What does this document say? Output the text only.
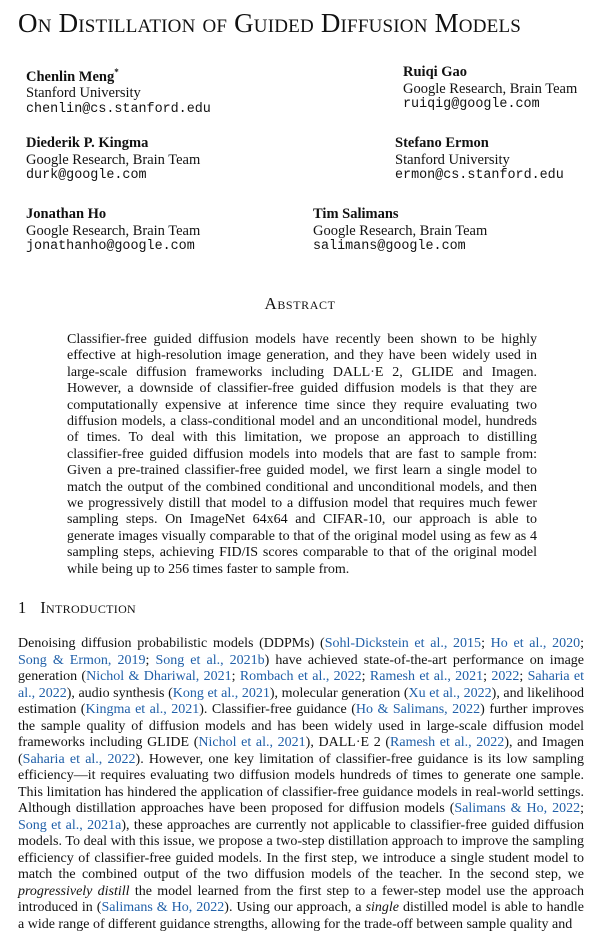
On Distillation of Guided Diffusion Models
Chenlin Meng*
Stanford University
chenlin@cs.stanford.edu
Ruiqi Gao
Google Research, Brain Team
ruiqig@google.com
Diederik P. Kingma
Google Research, Brain Team
durk@google.com
Stefano Ermon
Stanford University
ermon@cs.stanford.edu
Jonathan Ho
Google Research, Brain Team
jonathanho@google.com
Tim Salimans
Google Research, Brain Team
salimans@google.com
Abstract

Classifier-free guided diffusion models have recently been shown to be highly effective at high-resolution image generation, and they have been widely used in large-scale diffusion frameworks including DALL·E 2, GLIDE and Imagen. However, a downside of classifier-free guided diffusion models is that they are computationally expensive at inference time since they require evaluating two diffusion models, a class-conditional model and an unconditional model, hundreds of times. To deal with this limitation, we propose an approach to distilling classifier-free guided diffusion models into models that are fast to sample from: Given a pre-trained classifier-free guided model, we first learn a single model to match the output of the combined conditional and unconditional models, and then we progressively distill that model to a diffusion model that requires much fewer sampling steps. On ImageNet 64x64 and CIFAR-10, our approach is able to generate images visually comparable to that of the original model using as few as 4 sampling steps, achieving FID/IS scores comparable to that of the original model while being up to 256 times faster to sample from.

1 Introduction

Denoising diffusion probabilistic models (DDPMs) (Sohl-Dickstein et al., 2015; Ho et al., 2020; Song & Ermon, 2019; Song et al., 2021b) have achieved state-of-the-art performance on image generation (Nichol & Dhariwal, 2021; Rombach et al., 2022; Ramesh et al., 2021; 2022; Saharia et al., 2022), audio synthesis (Kong et al., 2021), molecular generation (Xu et al., 2022), and likelihood estimation (Kingma et al., 2021). Classifier-free guidance (Ho & Salimans, 2022) further improves the sample quality of diffusion models and has been widely used in large-scale diffusion model frameworks including GLIDE (Nichol et al., 2021), DALL·E 2 (Ramesh et al., 2022), and Imagen (Saharia et al., 2022). However, one key limitation of classifier-free guidance is its low sampling efficiency—it requires evaluating two diffusion models hundreds of times to generate one sample. This limitation has hindered the application of classifier-free guidance models in real-world settings. Although distillation approaches have been proposed for diffusion models (Salimans & Ho, 2022; Song et al., 2021a), these approaches are currently not applicable to classifier-free guided diffusion models. To deal with this issue, we propose a two-step distillation approach to improve the sampling efficiency of classifier-free guided models. In the first step, we introduce a single student model to match the combined output of the two diffusion models of the teacher. In the second step, we progressively distill the model learned from the first step to a fewer-step model use the approach introduced in (Salimans & Ho, 2022). Using our approach, a single distilled model is able to handle a wide range of different guidance strengths, allowing for the trade-off between sample quality and
